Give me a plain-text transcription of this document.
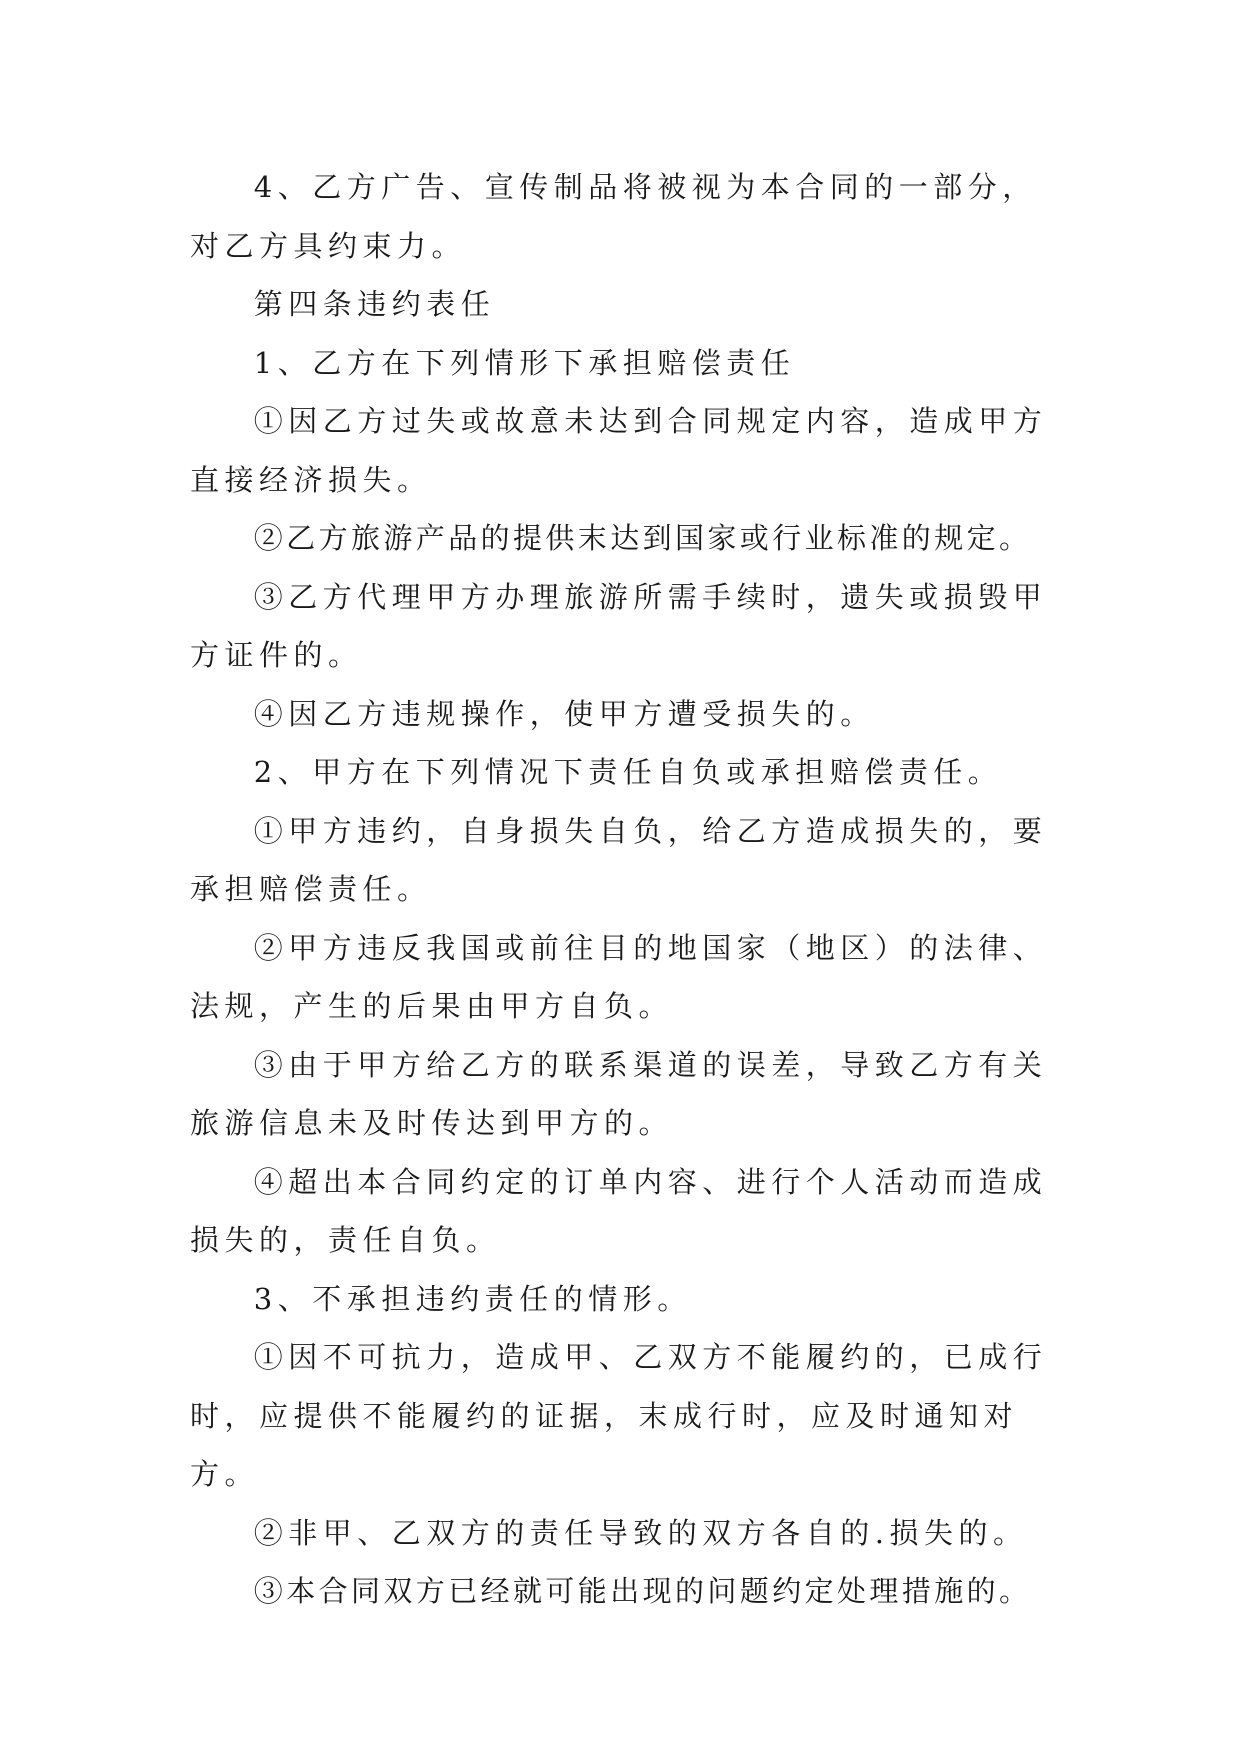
4、乙方广告、宣传制品将被视为本合同的一部分，对乙方具约束力。

第四条违约表任

1、乙方在下列情形下承担赔偿责任

①因乙方过失或故意未达到合同规定内容，造成甲方直接经济损失。

②乙方旅游产品的提供末达到国家或行业标准的规定。

③乙方代理甲方办理旅游所需手续时，遗失或损毁甲方证件的。

④因乙方违规操作，使甲方遭受损失的。

2、甲方在下列情况下责任自负或承担赔偿责任。

①甲方违约，自身损失自负，给乙方造成损失的，要承担赔偿责任。

②甲方违反我国或前往目的地国家（地区）的法律、法规，产生的后果由甲方自负。

③由于甲方给乙方的联系渠道的误差，导致乙方有关旅游信息未及时传达到甲方的。

④超出本合同约定的订单内容、进行个人活动而造成损失的，责任自负。

3、不承担违约责任的情形。

①因不可抗力，造成甲、乙双方不能履约的，已成行时，应提供不能履约的证据，末成行时，应及时通知对方。

②非甲、乙双方的责任导致的双方各自的.损失的。

③本合同双方已经就可能出现的问题约定处理措施的。
